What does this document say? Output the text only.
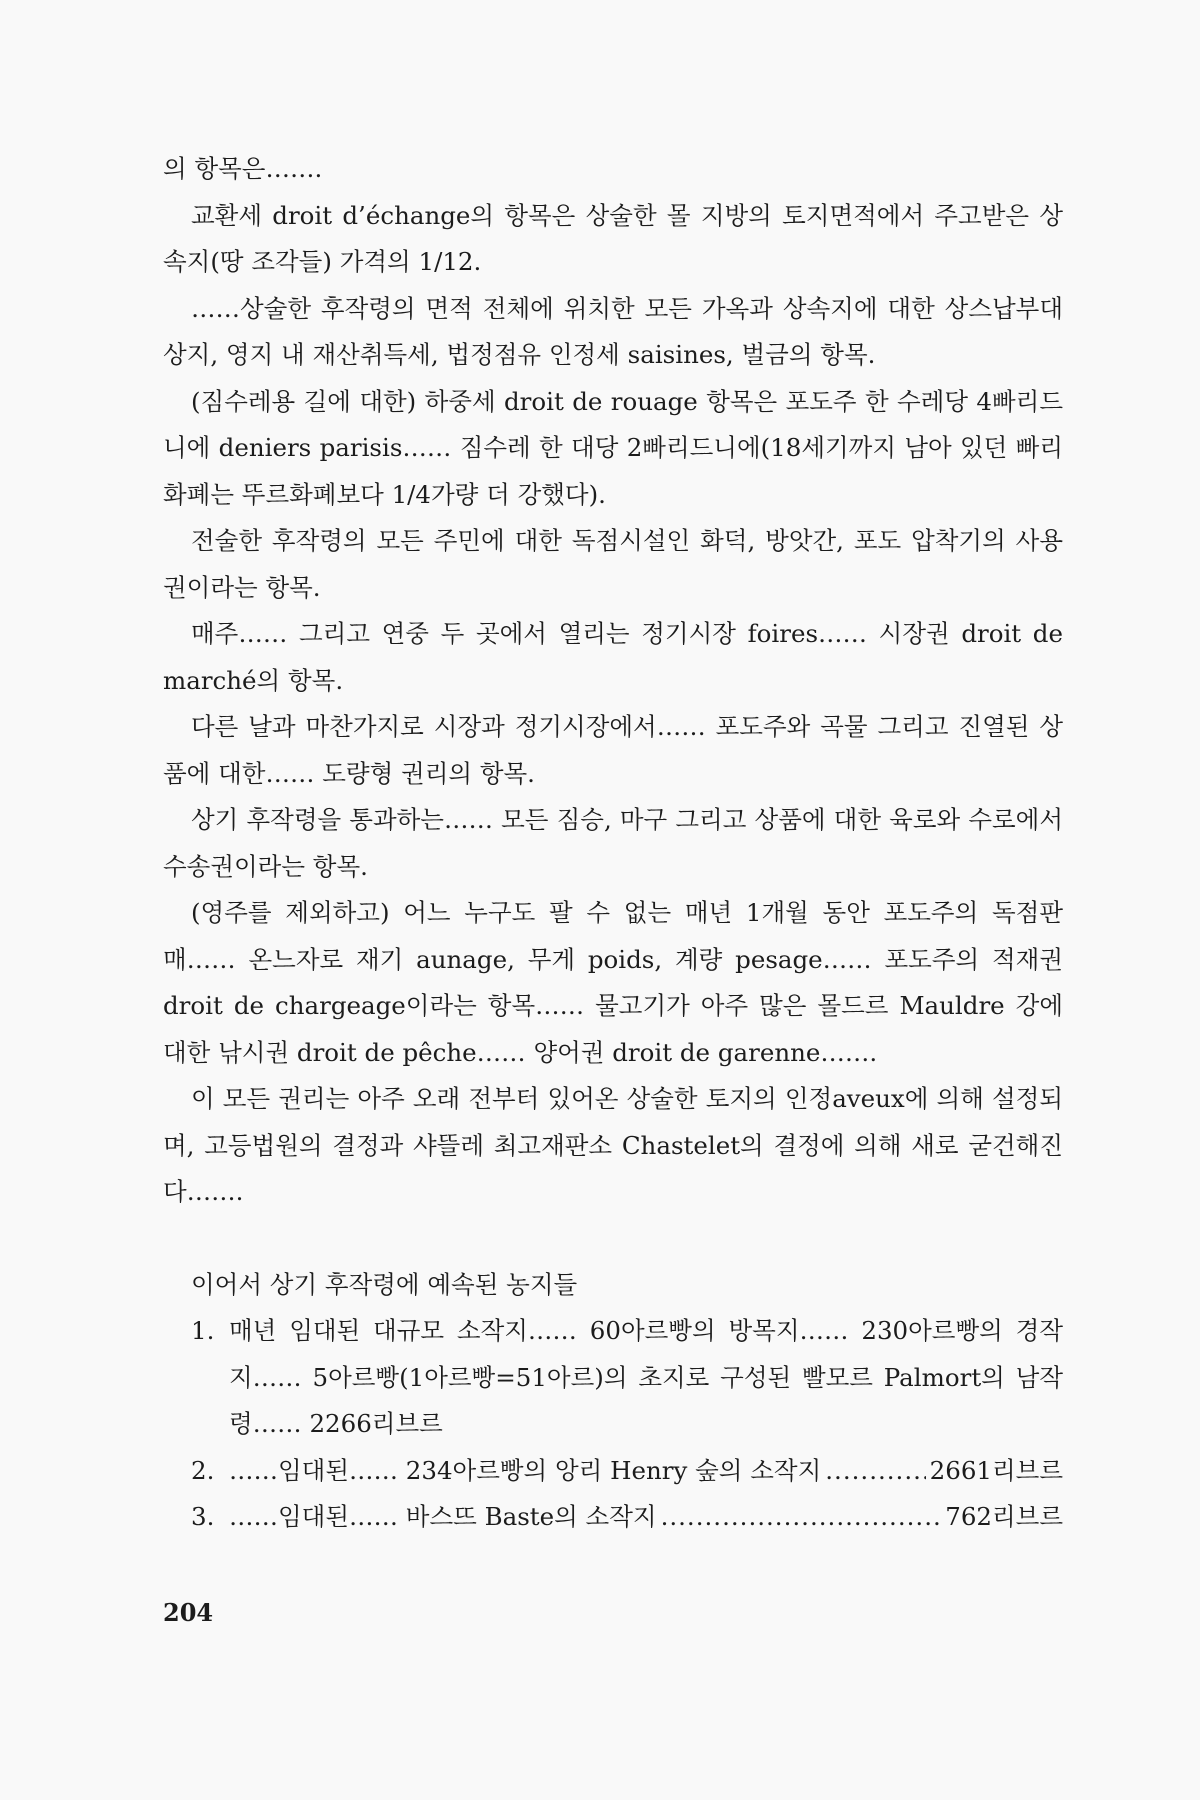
의 항목은…….

교환세 droit d’échange의 항목은 상술한 몰 지방의 토지면적에서 주고받은 상속지(땅 조각들) 가격의 1/12.

……상술한 후작령의 면적 전체에 위치한 모든 가옥과 상속지에 대한 상스납부대상지, 영지 내 재산취득세, 법정점유 인정세 saisines, 벌금의 항목.

(짐수레용 길에 대한) 하중세 droit de rouage 항목은 포도주 한 수레당 4빠리드니에 deniers parisis…… 짐수레 한 대당 2빠리드니에(18세기까지 남아 있던 빠리화폐는 뚜르화폐보다 1/4가량 더 강했다).

전술한 후작령의 모든 주민에 대한 독점시설인 화덕, 방앗간, 포도 압착기의 사용권이라는 항목.

매주…… 그리고 연중 두 곳에서 열리는 정기시장 foires…… 시장권 droit de marché의 항목.

다른 날과 마찬가지로 시장과 정기시장에서…… 포도주와 곡물 그리고 진열된 상품에 대한…… 도량형 권리의 항목.

상기 후작령을 통과하는…… 모든 짐승, 마구 그리고 상품에 대한 육로와 수로에서 수송권이라는 항목.

(영주를 제외하고) 어느 누구도 팔 수 없는 매년 1개월 동안 포도주의 독점판매…… 온느자로 재기 aunage, 무게 poids, 계량 pesage…… 포도주의 적재권 droit de chargeage이라는 항목…… 물고기가 아주 많은 몰드르 Mauldre 강에 대한 낚시권 droit de pêche…… 양어권 droit de garenne…….

이 모든 권리는 아주 오래 전부터 있어온 상술한 토지의 인정aveux에 의해 설정되며, 고등법원의 결정과 샤뜰레 최고재판소 Chastelet의 결정에 의해 새로 굳건해진다…….

이어서 상기 후작령에 예속된 농지들

1. 매년 임대된 대규모 소작지…… 60아르빵의 방목지…… 230아르빵의 경작지…… 5아르빵(1아르빵=51아르)의 초지로 구성된 빨모르 Palmort의 남작령…… 2266리브르
2. ……임대된…… 234아르빵의 앙리 Henry 숲의 소작지 .....	2661리브르
3. ……임대된…… 바스뜨 Baste의 소작지 .....	762리브르
204
